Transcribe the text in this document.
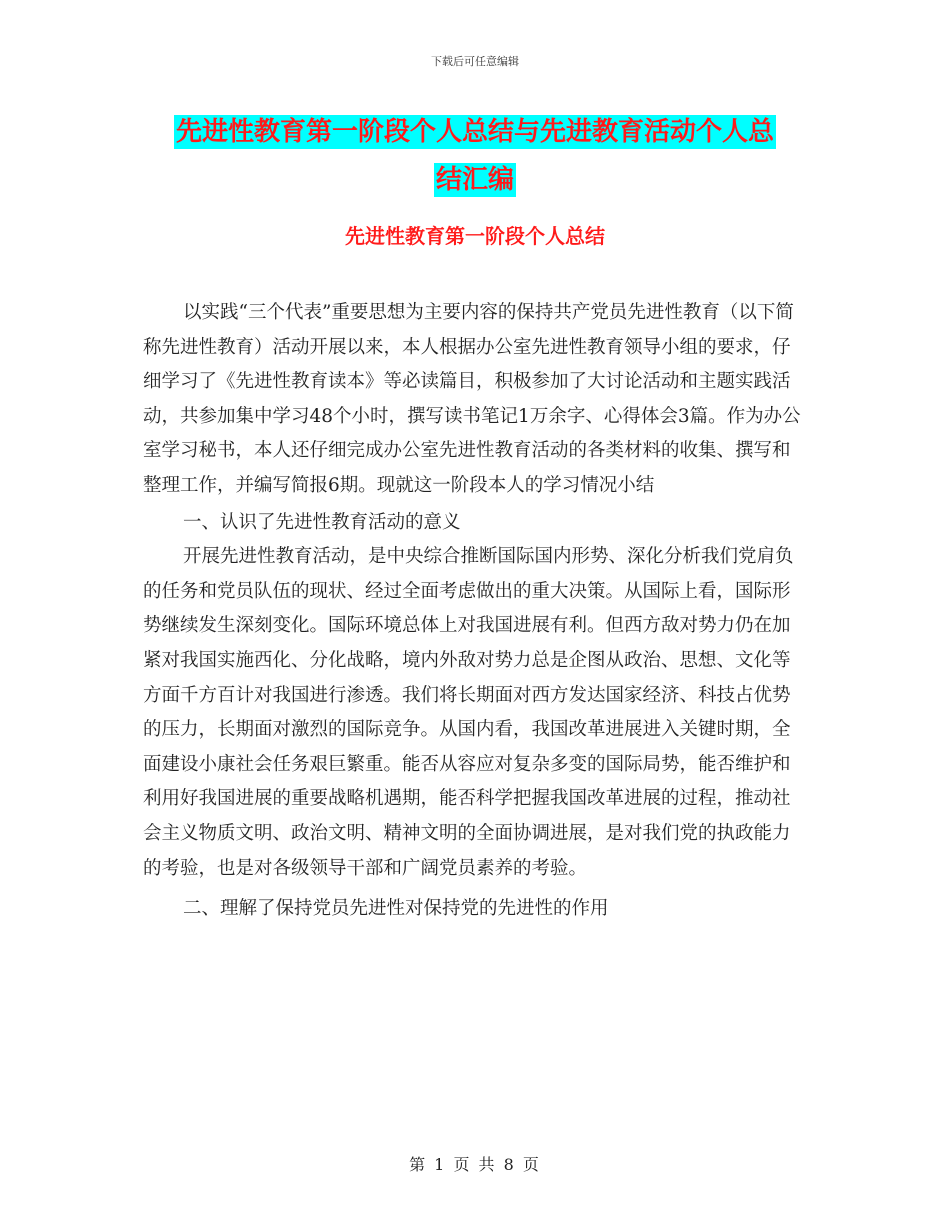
下载后可任意编辑
先进性教育第一阶段个人总结与先进教育活动个人总
结汇编
先进性教育第一阶段个人总结

以实践“三个代表”重要思想为主要内容的保持共产党员先进性教育（以下简称先进性教育）活动开展以来，本人根据办公室先进性教育领导小组的要求，仔细学习了《先进性教育读本》等必读篇目，积极参加了大讨论活动和主题实践活动，共参加集中学习48个小时，撰写读书笔记1万余字、心得体会3篇。作为办公室学习秘书，本人还仔细完成办公室先进性教育活动的各类材料的收集、撰写和整理工作，并编写简报6期。现就这一阶段本人的学习情况小结

一、认识了先进性教育活动的意义

开展先进性教育活动，是中央综合推断国际国内形势、深化分析我们党肩负的任务和党员队伍的现状、经过全面考虑做出的重大决策。从国际上看，国际形势继续发生深刻变化。国际环境总体上对我国进展有利。但西方敌对势力仍在加紧对我国实施西化、分化战略，境内外敌对势力总是企图从政治、思想、文化等方面千方百计对我国进行渗透。我们将长期面对西方发达国家经济、科技占优势的压力，长期面对激烈的国际竞争。从国内看，我国改革进展进入关键时期，全面建设小康社会任务艰巨繁重。能否从容应对复杂多变的国际局势，能否维护和利用好我国进展的重要战略机遇期，能否科学把握我国改革进展的过程，推动社会主义物质文明、政治文明、精神文明的全面协调进展，是对我们党的执政能力的考验，也是对各级领导干部和广阔党员素养的考验。

二、理解了保持党员先进性对保持党的先进性的作用

第 1 页 共 8 页
